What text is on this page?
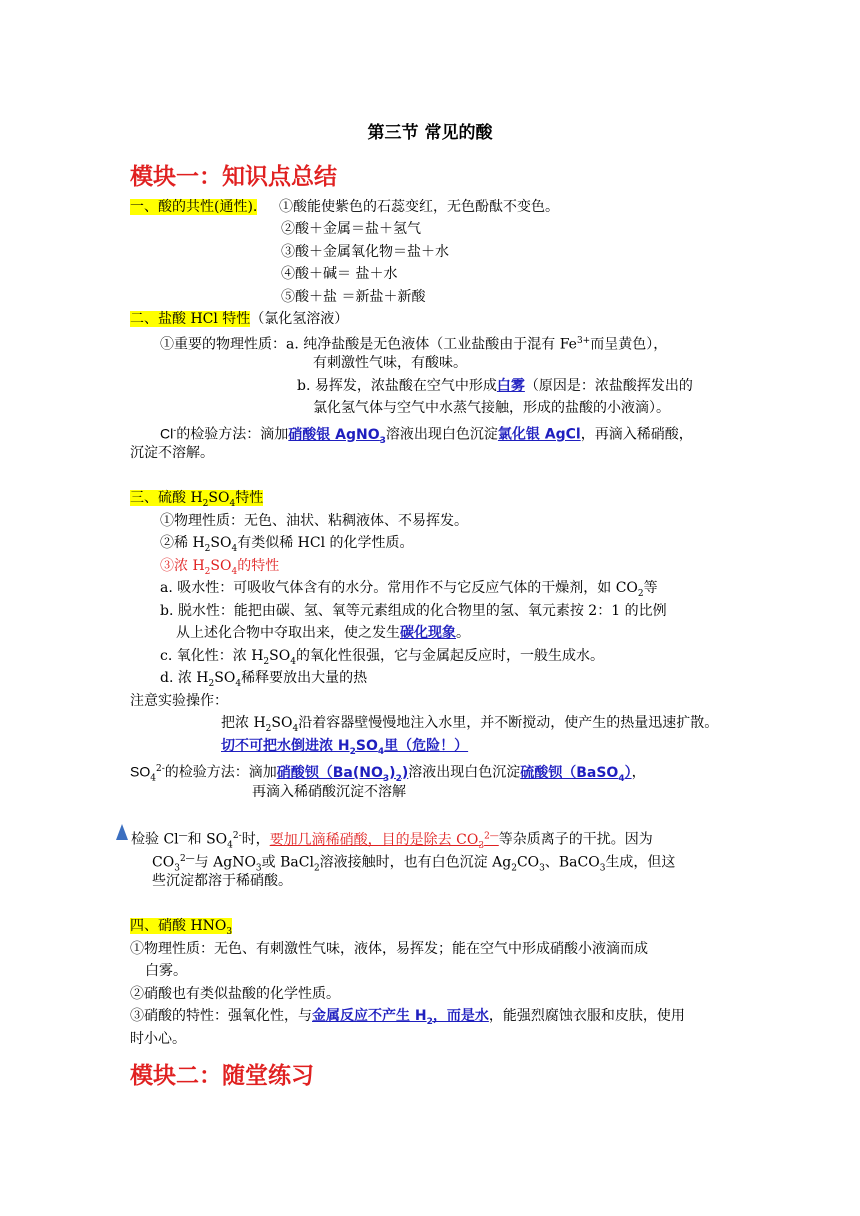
第三节 常见的酸
模块一：知识点总结
一、酸的共性(通性). ①酸能使紫色的石蕊变红，无色酚酞不变色。
②酸＋金属＝盐＋氢气
③酸＋金属氧化物＝盐＋水
④酸＋碱＝ 盐＋水
⑤酸＋盐 ＝新盐＋新酸
二、盐酸 HCl 特性（氯化氢溶液）
①重要的物理性质：a. 纯净盐酸是无色液体（工业盐酸由于混有 $Fe^{3+}$而呈黄色），
有刺激性气味，有酸味。
b. 易挥发，浓盐酸在空气中形成白雾（原因是：浓盐酸挥发出的
氯化氢气体与空气中水蒸气接触，形成的盐酸的小液滴）。
Cl-的检验方法：滴加硝酸银 AgNO$_3$溶液出现白色沉淀氯化银 AgCl，再滴入稀硝酸，
沉淀不溶解。
三、硫酸 $H_2SO_4$特性
①物理性质：无色、油状、粘稠液体、不易挥发。
②稀 $H_2SO_4$有类似稀 HCl 的化学性质。
③浓 $H_2SO_4$的特性
a. 吸水性：可吸收气体含有的水分。常用作不与它反应气体的干燥剂，如 $CO_2$等
b. 脱水性：能把由碳、氢、氧等元素组成的化合物里的氢、氧元素按 2：1 的比例
从上述化合物中夺取出来，使之发生碳化现象。
c. 氧化性：浓 $H_2SO_4$的氧化性很强，它与金属起反应时，一般生成水。
d. 浓 $H_2SO_4$稀释要放出大量的热
注意实验操作：
把浓 $H_2SO_4$沿着容器壁慢慢地注入水里，并不断搅动，使产生的热量迅速扩散。
切不可把水倒进浓 $H_2SO_4$里（危险！）
$SO_4^{2-}$的检验方法：滴加硝酸钡$(Ba(NO_3)_2)$溶液出现白色沉淀硫酸钡（BaSO$_4$），
再滴入稀硝酸沉淀不溶解
检验 Cl—和 $SO_4^{2-}$时，要加几滴稀硝酸，目的是除去 $CO_3^{2—}$等杂质离子的干扰。因为
$CO_3^{2—}$与 AgNO$_3$或 BaCl$_2$溶液接触时，也有白色沉淀 $Ag_2CO_3$、BaCO$_3$生成，但这
些沉淀都溶于稀硝酸。
四、硝酸 $HNO_3$
①物理性质：无色、有刺激性气味，液体，易挥发；能在空气中形成硝酸小液滴而成
白雾。
②硝酸也有类似盐酸的化学性质。
③硝酸的特性：强氧化性，与金属反应不产生 $H_2$，而是水，能强烈腐蚀衣服和皮肤，使用
时小心。
模块二：随堂练习
